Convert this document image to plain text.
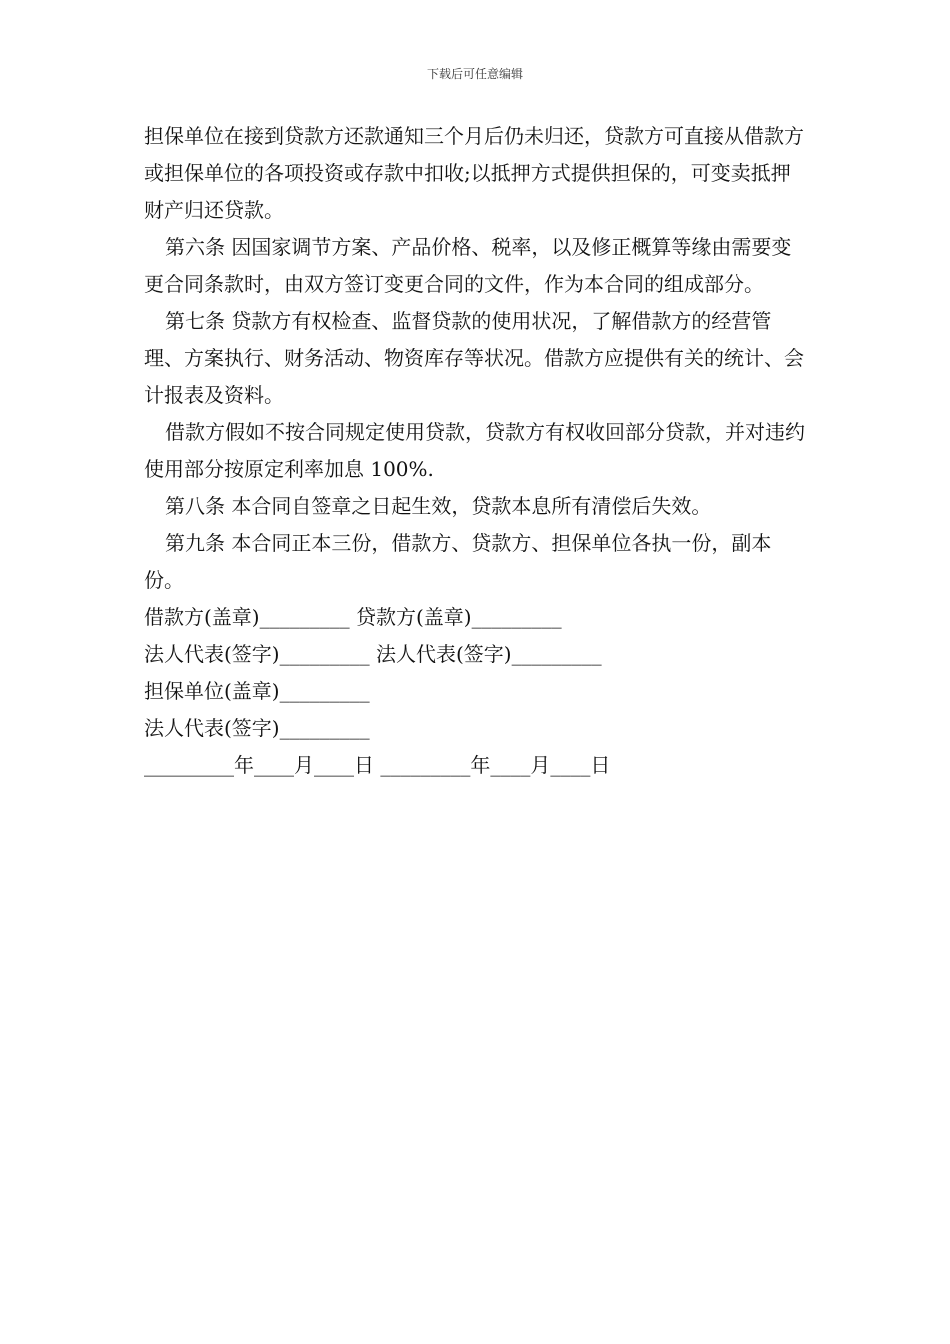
下载后可任意编辑

担保单位在接到贷款方还款通知三个月后仍未归还，贷款方可直接从借款方或担保单位的各项投资或存款中扣收;以抵押方式提供担保的，可变卖抵押财产归还贷款。

第六条 因国家调节方案、产品价格、税率，以及修正概算等缘由需要变更合同条款时，由双方签订变更合同的文件，作为本合同的组成部分。

第七条 贷款方有权检查、监督贷款的使用状况，了解借款方的经营管理、方案执行、财务活动、物资库存等状况。借款方应提供有关的统计、会计报表及资料。

借款方假如不按合同规定使用贷款，贷款方有权收回部分贷款，并对违约使用部分按原定利率加息 100%.

第八条 本合同自签章之日起生效，贷款本息所有清偿后失效。

第九条 本合同正本三份，借款方、贷款方、担保单位各执一份，副本份。

借款方(盖章)_________ 贷款方(盖章)_________

法人代表(签字)_________ 法人代表(签字)_________

担保单位(盖章)_________

法人代表(签字)_________

_________年____月____日 _________年____月____日
